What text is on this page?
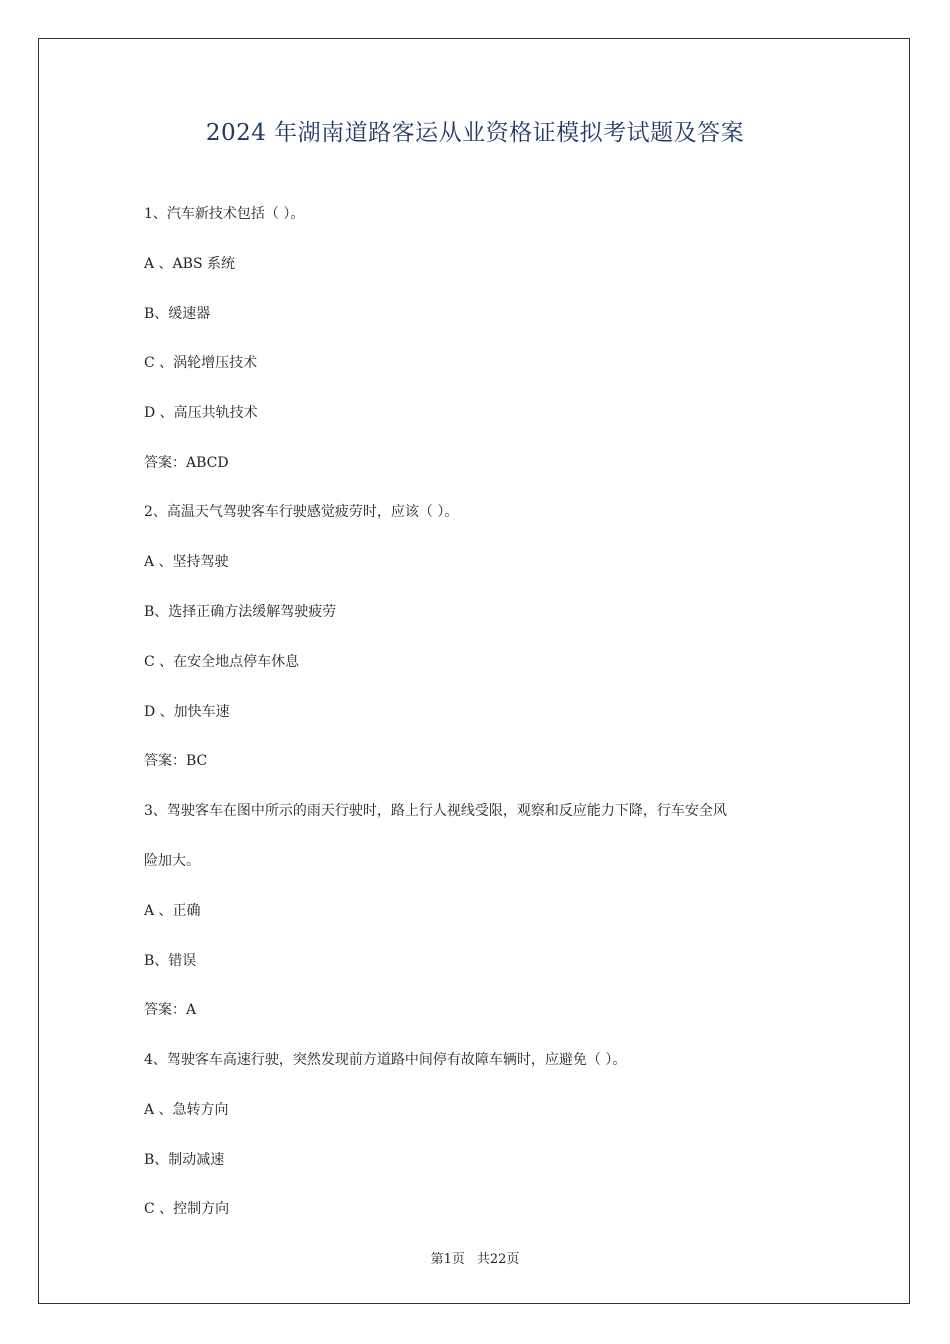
2024 年湖南道路客运从业资格证模拟考试题及答案
1、汽车新技术包括（ ）。
A 、ABS 系统
B、缓速器
C 、涡轮增压技术
D 、高压共轨技术
答案：ABCD
2、高温天气驾驶客车行驶感觉疲劳时，应该（ ）。
A 、坚持驾驶
B、选择正确方法缓解驾驶疲劳
C 、在安全地点停车休息
D 、加快车速
答案：BC
3、驾驶客车在图中所示的雨天行驶时，路上行人视线受限，观察和反应能力下降，行车安全风
险加大。
A 、正确
B、错误
答案：A
4、驾驶客车高速行驶，突然发现前方道路中间停有故障车辆时，应避免（ ）。
A 、急转方向
B、制动减速
C 、控制方向
第1页 共22页
